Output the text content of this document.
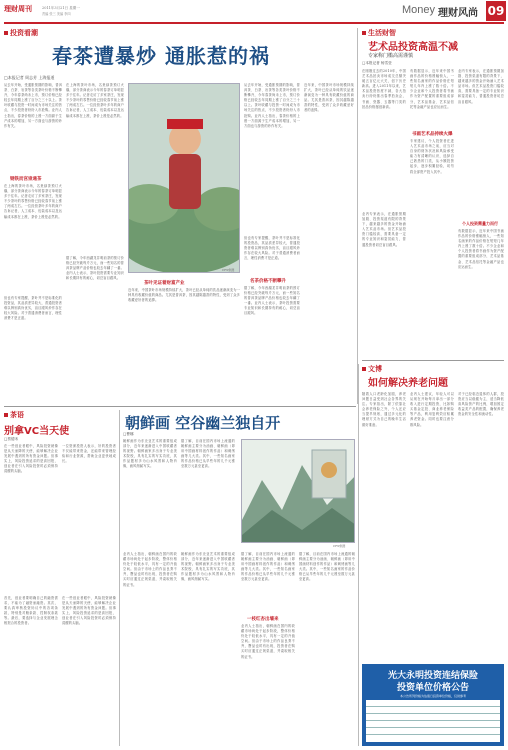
理财周刊	2011年3月21日 星期一
责编 张三 美编 李四	Money 理财风尚 09
投资看潮
春茶遭暴炒 通胀惹的祸
□本报记者 周志芳 上海报道
从去年开始，受通胀预期的影响，普洱茶、白茶、岩茶等各类茶叶价格不断攀升，今年春茶尚未上市，预订价格已经较去年同期上涨了百分之三十以上。茶叶收藏与投资一时间成为市场关注的热点，不少投资者纷纷入市抢购。业内人士指出，春茶价格的上涨一方面源于生产成本的增加，另一方面也与游资的炒作有关。
钢铁而宫崇通茶
在上海的茶叶市场，名贵绿茶预订火爆，部分茶商表示今年的春茶订单明显多于往年。记者走访了多家茶庄，发现不少茶叶的零售价格已经较春节前上涨了两成左右。一位经营茶叶多年的商户告诉记者，人工成本、包装成本以及运输成本都在上涨，茶价上涨是必然的。
但也有专家提醒，茶叶并不是标准化的投资品，其品质差异较大，普通投资者难以辨别真伪优劣，盲目跟风炒作存在较大风险。对于普通消费者而言，理性消费才是正道。
在上海的茶叶市场，名贵绿茶预订火爆，部分茶商表示今年的春茶订单明显多于往年。记者走访了多家茶庄，发现不少茶叶的零售价格已经较春节前上涨了两成左右。一位经营茶叶多年的商户告诉记者，人工成本、包装成本以及运输成本都在上涨，茶价上涨是必然的。
据了解，今年西湖龙井明前茶的预订价格已经突破每斤万元，而一些知名的普洱茶品牌产品价格也较去年翻了一番。业内人士表示，茶叶投资需要专业知识和长期持有的耐心，切忌盲目跟风。
CFP供图
茶叶见证着财富产业
近年来，中国茶叶市场规模持续扩大，茶叶已经从单纯的饮品逐渐演变为一种具有收藏价值的商品。尤其是普洱茶，因其越陈越香的特性，受到了众多收藏爱好者的追捧。
从去年开始，受通胀预期的影响，普洱茶、白茶、岩茶等各类茶叶价格不断攀升，今年春茶尚未上市，预订价格已经较去年同期上涨了百分之三十以上。茶叶收藏与投资一时间成为市场关注的热点，不少投资者纷纷入市抢购。业内人士指出，春茶价格的上涨一方面源于生产成本的增加，另一方面也与游资的炒作有关。
名茶价格不断攀升
但也有专家提醒，茶叶并不是标准化的投资品，其品质差异较大，普通投资者难以辨别真伪优劣，盲目跟风炒作存在较大风险。对于普通消费者而言，理性消费才是正道。
据了解，今年西湖龙井明前茶的预订价格已经突破每斤万元，而一些知名的普洱茶品牌产品价格也较去年翻了一番。业内人士表示，茶叶投资需要专业知识和长期持有的耐心，切忌盲目跟风。
近年来，中国茶叶市场规模持续扩大，茶叶已经从单纯的饮品逐渐演变为一种具有收藏价值的商品。尤其是普洱茶，因其越陈越香的特性，受到了众多收藏爱好者的追捧。
生活财智
艺术品投资高温不减
专家称门槛高需谨慎
□本报记者 杨雪莹
在刚刚过去的2010年，中国艺术品拍卖市场成交总额突破五百亿元大关，创下历史新高。进入2011年以来，艺术品投资热度不减，各大拍卖行纷纷推出春季拍卖会，书画、瓷器、玉器等门类的拍品价格屡创新高。
业内专家表示，在通胀预期加剧、投资渠道有限的背景下，越来越多的资金开始涌入艺术品市场。但艺术品投资门槛较高，需要具备一定的专业知识和鉴赏能力，普通投资者切忌盲目跟风。
有数据显示，近年来中国书画作品的价格涨幅惊人，一些知名画家的作品价格在短短几年内上涨了数十倍。不少企业和个人投资者将书画作为资产配置的重要组成部分，艺术品基金、艺术品信托等金融产品也应运而生。
书画艺术品持续火爆
专家建议，个人投资者在进入艺术品市场之前，应当对自身的财务状况和风险承受能力有清晰的认识，选择自己熟悉的门类，从小额投资起步，逐步积累经验，切勿将全部资产投入其中。
业内专家表示，在通胀预期加剧、投资渠道有限的背景下，越来越多的资金开始涌入艺术品市场。但艺术品投资门槛较高，需要具备一定的专业知识和鉴赏能力，普通投资者切忌盲目跟风。
个人投资需量力而行
有数据显示，近年来中国书画作品的价格涨幅惊人，一些知名画家的作品价格在短短几年内上涨了数十倍。不少企业和个人投资者将书画作为资产配置的重要组成部分，艺术品基金、艺术品信托等金融产品也应运而生。
文博
如何解决养老问题
随着人口老龄化加剧，养老问题日益受到社会各界的关注。专家指出，除了依靠社会养老保险之外，个人还应当提早规划，通过多元化的理财方式为自己的晚年生活做好准备。
业内人士建议，年轻人可以从现在开始每月拿出一部分收入进行定期投资，比如购买基金定投、商业养老保险等产品，利用复利效应积累养老资金。同时也要注意分散风险。
对于已经临近退休的人群，投资应当以稳健为主，适当降低高风险资产的比例，增加固定收益类产品的配置，确保养老资金的安全性和流动性。
光大永明投资连结保险
投资单位价格公告
本公告所列价格为估值日投资单位价格，仅供参考
茶语
别拿VC当天使
□蔡德禾
在一些创业者眼中，风险投资就像是从天而降的天使，能够解决企业发展中遇到的所有资金问题。但事实上，风险投资追求的是高回报，创业者在引入风险投资时必须保持清醒的头脑。
首先，创业者要明确自己的融资需求，不能为了融资而融资。其次，要认真审核投资协议中的各项条款，特别是对赌条款、控制权条款等。最后，要选择与企业发展理念相契合的投资者。
一位资深投资人表示，好的投资者不仅能带来资金，还能带来管理经验和行业资源，帮助企业更快地成长。
在一些创业者眼中，风险投资就像是从天而降的天使，能够解决企业发展中遇到的所有资金问题。但事实上，风险投资追求的是高回报，创业者在引入风险投资时必须保持清醒的头脑。
朝鲜画 空谷幽兰独自开
□曹娜
朝鲜画作为东北亚艺术的重要组成部分，近年来逐渐进入中国收藏者的视野。朝鲜画家多出身于专业美术院校，具有扎实的写实功底，其作品题材多为山水风景和人物肖像，画风细腻写实。
据了解，目前在国内市场上流通的朝鲜画主要分为油画、朝鲜画（即用中国画材料创作的作品）和刺绣画等几大类。其中，一些知名画家的作品价格已从早些年的几千元涨至数万元甚至更高。
CFP供图
业内人士指出，朝鲜画在国内的收藏市场尚处于起步阶段，整体价格仍处于较低水平，具有一定的升值空间。但由于市场上的作品良莠不齐，赝品也时有出现，投资者在购买时应通过正规渠道，并索取相关的证书。
朝鲜画作为东北亚艺术的重要组成部分，近年来逐渐进入中国收藏者的视野。朝鲜画家多出身于专业美术院校，具有扎实的写实功底，其作品题材多为山水风景和人物肖像，画风细腻写实。
据了解，目前在国内市场上流通的朝鲜画主要分为油画、朝鲜画（即用中国画材料创作的作品）和刺绣画等几大类。其中，一些知名画家的作品价格已从早些年的几千元涨至数万元甚至更高。
一枝红杏出墙来
业内人士指出，朝鲜画在国内的收藏市场尚处于起步阶段，整体价格仍处于较低水平，具有一定的升值空间。但由于市场上的作品良莠不齐，赝品也时有出现，投资者在购买时应通过正规渠道，并索取相关的证书。
据了解，目前在国内市场上流通的朝鲜画主要分为油画、朝鲜画（即用中国画材料创作的作品）和刺绣画等几大类。其中，一些知名画家的作品价格已从早些年的几千元涨至数万元甚至更高。
